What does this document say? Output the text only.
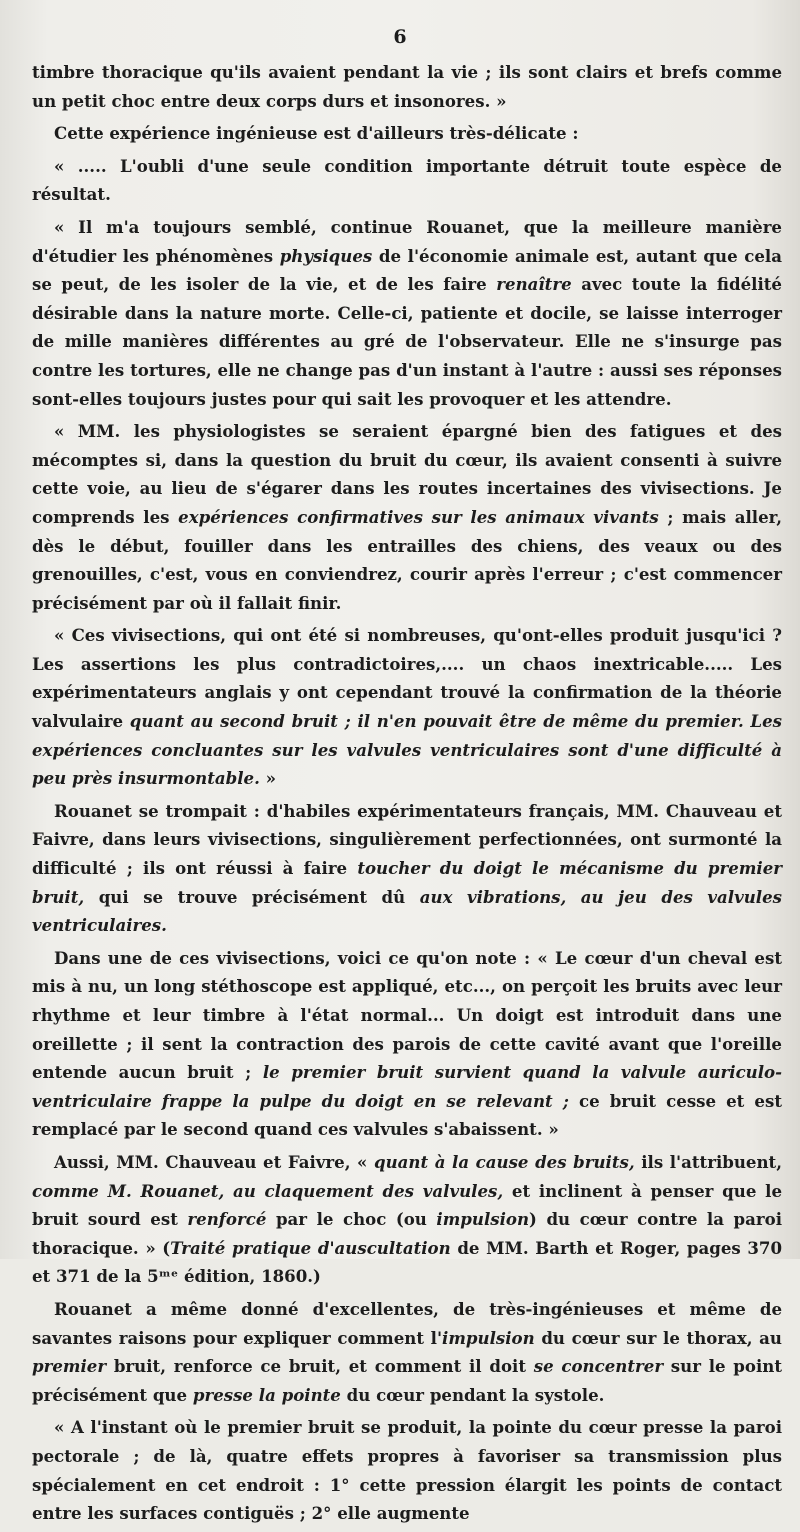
6

timbre thoracique qu'ils avaient pendant la vie ; ils sont clairs et brefs comme un petit choc entre deux corps durs et insonores. »

Cette expérience ingénieuse est d'ailleurs très-délicate :

« ..... L'oubli d'une seule condition importante détruit toute espèce de résultat.

« Il m'a toujours semblé, continue Rouanet, que la meilleure manière d'étudier les phénomènes physiques de l'économie animale est, autant que cela se peut, de les isoler de la vie, et de les faire renaître avec toute la fidélité désirable dans la nature morte. Celle-ci, patiente et docile, se laisse interroger de mille manières différentes au gré de l'observateur. Elle ne s'insurge pas contre les tortures, elle ne change pas d'un instant à l'autre : aussi ses réponses sont-elles toujours justes pour qui sait les provoquer et les attendre.

« MM. les physiologistes se seraient épargné bien des fatigues et des mécomptes si, dans la question du bruit du cœur, ils avaient consenti à suivre cette voie, au lieu de s'égarer dans les routes incertaines des vivisections. Je comprends les expériences confirmatives sur les animaux vivants ; mais aller, dès le début, fouiller dans les entrailles des chiens, des veaux ou des grenouilles, c'est, vous en conviendrez, courir après l'erreur ; c'est commencer précisément par où il fallait finir.

« Ces vivisections, qui ont été si nombreuses, qu'ont-elles produit jusqu'ici ? Les assertions les plus contradictoires,.... un chaos inextricable..... Les expérimentateurs anglais y ont cependant trouvé la confirmation de la théorie valvulaire quant au second bruit ; il n'en pouvait être de même du premier. Les expériences concluantes sur les valvules ventriculaires sont d'une difficulté à peu près insurmontable. »

Rouanet se trompait : d'habiles expérimentateurs français, MM. Chauveau et Faivre, dans leurs vivisections, singulièrement perfectionnées, ont surmonté la difficulté ; ils ont réussi à faire toucher du doigt le mécanisme du premier bruit, qui se trouve précisément dû aux vibrations, au jeu des valvules ventriculaires.

Dans une de ces vivisections, voici ce qu'on note : « Le cœur d'un cheval est mis à nu, un long stéthoscope est appliqué, etc..., on perçoit les bruits avec leur rhythme et leur timbre à l'état normal... Un doigt est introduit dans une oreillette ; il sent la contraction des parois de cette cavité avant que l'oreille entende aucun bruit ; le premier bruit survient quand la valvule auriculo-ventriculaire frappe la pulpe du doigt en se relevant ; ce bruit cesse et est remplacé par le second quand ces valvules s'abaissent. »

Aussi, MM. Chauveau et Faivre, « quant à la cause des bruits, ils l'attribuent, comme M. Rouanet, au claquement des valvules, et inclinent à penser que le bruit sourd est renforcé par le choc (ou impulsion) du cœur contre la paroi thoracique. » (Traité pratique d'auscultation de MM. Barth et Roger, pages 370 et 371 de la 5ᵐᵉ édition, 1860.)

Rouanet a même donné d'excellentes, de très-ingénieuses et même de savantes raisons pour expliquer comment l'impulsion du cœur sur le thorax, au premier bruit, renforce ce bruit, et comment il doit se concentrer sur le point précisément que presse la pointe du cœur pendant la systole.

« A l'instant où le premier bruit se produit, la pointe du cœur presse la paroi pectorale ; de là, quatre effets propres à favoriser sa transmission plus spécialement en cet endroit : 1° cette pression élargit les points de contact entre les surfaces contiguës ; 2° elle augmente
